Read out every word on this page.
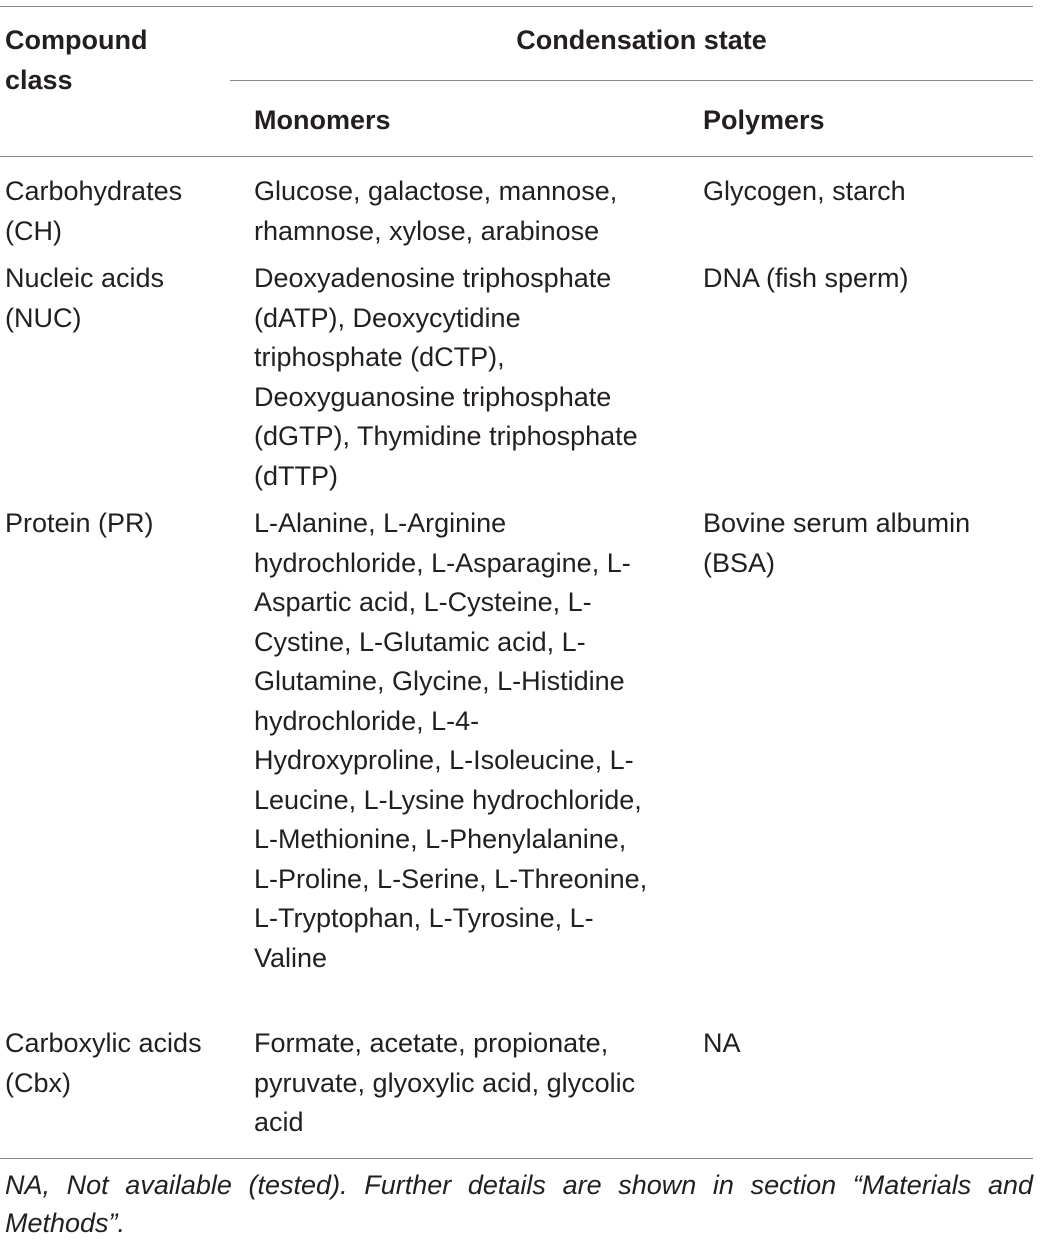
Compound class
Condensation state
Monomers	Polymers
Carbohydrates (CH)
Glucose, galactose, mannose, rhamnose, xylose, arabinose
Glycogen, starch
Nucleic acids (NUC)
Deoxyadenosine triphosphate (dATP), Deoxycytidine triphosphate (dCTP), Deoxyguanosine triphosphate (dGTP), Thymidine triphosphate (dTTP)
DNA (fish sperm)
Protein (PR)	L-Alanine, L-Arginine hydrochloride, L-Asparagine, L-Aspartic acid, L-Cysteine, L-Cystine, L-Glutamic acid, L-Glutamine, Glycine, L-Histidine hydrochloride, L-4-Hydroxyproline, L-Isoleucine, L-Leucine, L-Lysine hydrochloride, L-Methionine, L-Phenylalanine, L-Proline, L-Serine, L-Threonine, L-Tryptophan, L-Tyrosine, L-Valine
Bovine serum albumin (BSA)
Carboxylic acids (Cbx)
Formate, acetate, propionate, pyruvate, glyoxylic acid, glycolic acid
NA
NA, Not available (tested). Further details are shown in section “Materials and Methods”.
